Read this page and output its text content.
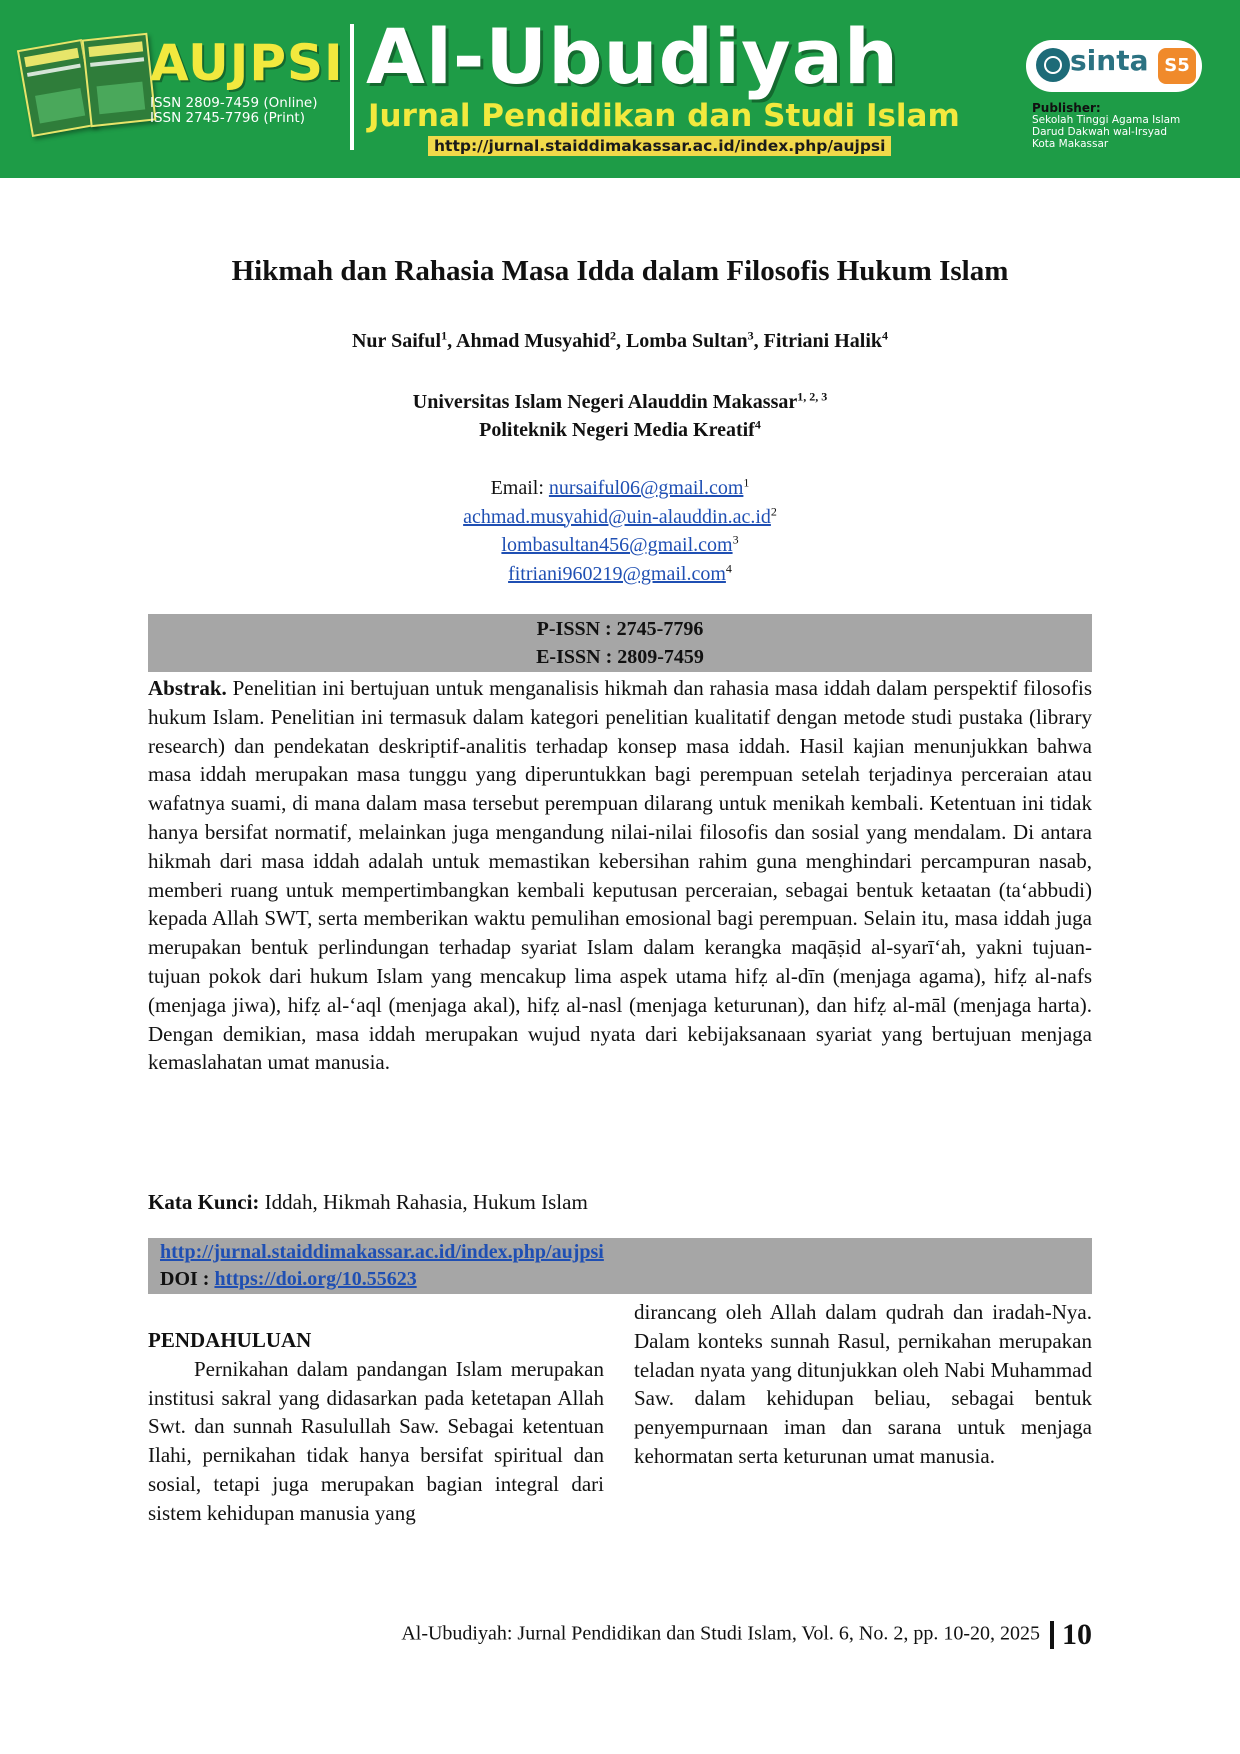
AUJPSI
ISSN 2809-7459 (Online)
ISSN 2745-7796 (Print)
Al-Ubudiyah
Jurnal Pendidikan dan Studi Islam
http://jurnal.staiddimakassar.ac.id/index.php/aujpsi
sinta S5
Publisher:
Sekolah Tinggi Agama Islam
Darud Dakwah wal-Irsyad
Kota Makassar
Hikmah dan Rahasia Masa Idda dalam Filosofis Hukum Islam
Nur Saiful$^1$, Ahmad Musyahid$^2$, Lomba Sultan$^3$, Fitriani Halik$^4$
Universitas Islam Negeri Alauddin Makassar$^{1, 2, 3}$
Politeknik Negeri Media Kreatif$^4$
Email: nursaiful06@gmail.com$^1$
$achmad.musyahid@uin-alauddin.ac.id^2$
lombasultan456@gmail.com$^3$
fitriani960219@gmail.com$^4$
P-ISSN : 2745-7796
E-ISSN : 2809-7459
Abstrak. Penelitian ini bertujuan untuk menganalisis hikmah dan rahasia masa iddah dalam perspektif filosofis hukum Islam. Penelitian ini termasuk dalam kategori penelitian kualitatif dengan metode studi pustaka (library research) dan pendekatan deskriptif-analitis terhadap konsep masa iddah. Hasil kajian menunjukkan bahwa masa iddah merupakan masa tunggu yang diperuntukkan bagi perempuan setelah terjadinya perceraian atau wafatnya suami, di mana dalam masa tersebut perempuan dilarang untuk menikah kembali. Ketentuan ini tidak hanya bersifat normatif, melainkan juga mengandung nilai-nilai filosofis dan sosial yang mendalam. Di antara hikmah dari masa iddah adalah untuk memastikan kebersihan rahim guna menghindari percampuran nasab, memberi ruang untuk mempertimbangkan kembali keputusan perceraian, sebagai bentuk ketaatan (ta‘abbudi) kepada Allah SWT, serta memberikan waktu pemulihan emosional bagi perempuan. Selain itu, masa iddah juga merupakan bentuk perlindungan terhadap syariat Islam dalam kerangka maqāṣid al-syarī‘ah, yakni tujuan-tujuan pokok dari hukum Islam yang mencakup lima aspek utama hifẓ al-dīn (menjaga agama), hifẓ al-nafs (menjaga jiwa), hifẓ al-‘aql (menjaga akal), hifẓ al-nasl (menjaga keturunan), dan hifẓ al-māl (menjaga harta). Dengan demikian, masa iddah merupakan wujud nyata dari kebijaksanaan syariat yang bertujuan menjaga kemaslahatan umat manusia.
Kata Kunci: Iddah, Hikmah Rahasia, Hukum Islam
http://jurnal.staiddimakassar.ac.id/index.php/aujpsi
DOI : https://doi.org/10.55623
PENDAHULUAN

Pernikahan dalam pandangan Islam merupakan institusi sakral yang didasarkan pada ketetapan Allah Swt. dan sunnah Rasulullah Saw. Sebagai ketentuan Ilahi, pernikahan tidak hanya bersifat spiritual dan sosial, tetapi juga merupakan bagian integral dari sistem kehidupan manusia yang

dirancang oleh Allah dalam qudrah dan iradah-Nya. Dalam konteks sunnah Rasul, pernikahan merupakan teladan nyata yang ditunjukkan oleh Nabi Muhammad Saw. dalam kehidupan beliau, sebagai bentuk penyempurnaan iman dan sarana untuk menjaga kehormatan serta keturunan umat manusia.

Al-Ubudiyah: Jurnal Pendidikan dan Studi Islam, Vol. 6, No. 2, pp. 10-20, 2025 10
